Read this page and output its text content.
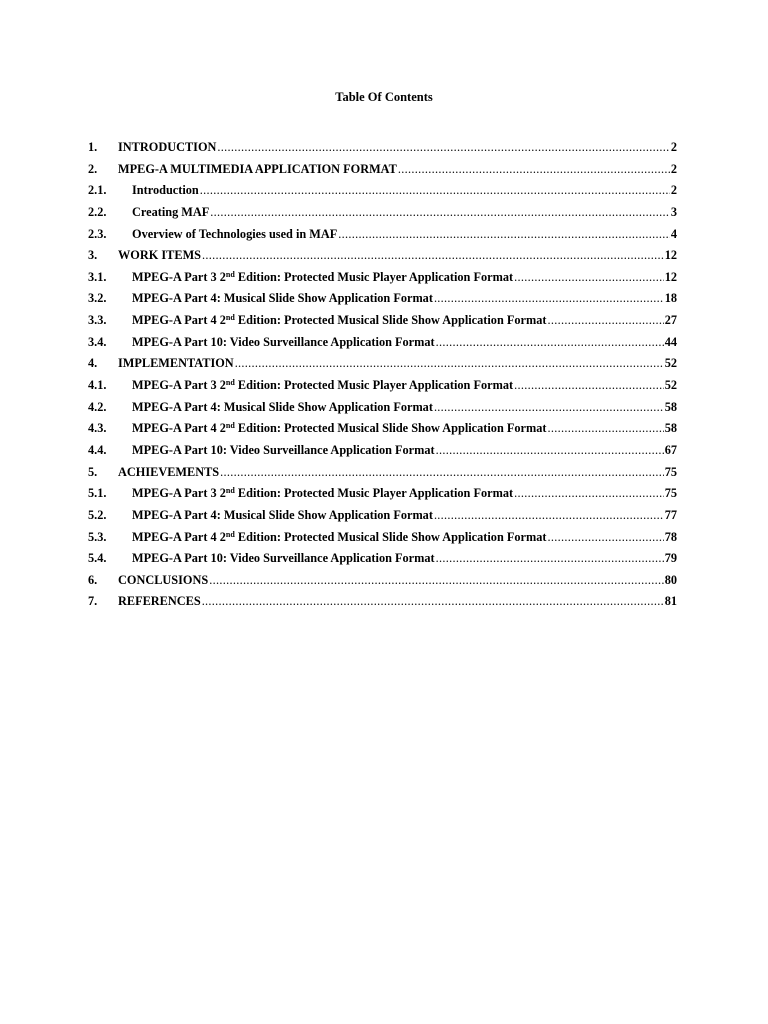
Table Of Contents
1.	INTRODUCTION .....	2
2.	MPEG-A MULTIMEDIA APPLICATION FORMAT .....	2
2.1.	Introduction .....	2
2.2.	Creating MAF .....	3
2.3.	Overview of Technologies used in MAF .....	4
3.	WORK ITEMS .....	12
3.1.	MPEG-A Part 3 2nd Edition: Protected Music Player Application Format .....	12
3.2.	MPEG-A Part 4: Musical Slide Show Application Format .....	18
3.3.	MPEG-A Part 4 2nd Edition: Protected Musical Slide Show Application Format .....	27
3.4.	MPEG-A Part 10: Video Surveillance Application Format .....	44
4.	IMPLEMENTATION .....	52
4.1.	MPEG-A Part 3 2nd Edition: Protected Music Player Application Format .....	52
4.2.	MPEG-A Part 4: Musical Slide Show Application Format .....	58
4.3.	MPEG-A Part 4 2nd Edition: Protected Musical Slide Show Application Format .....	58
4.4.	MPEG-A Part 10: Video Surveillance Application Format .....	67
5.	ACHIEVEMENTS .....	75
5.1.	MPEG-A Part 3 2nd Edition: Protected Music Player Application Format .....	75
5.2.	MPEG-A Part 4: Musical Slide Show Application Format .....	77
5.3.	MPEG-A Part 4 2nd Edition: Protected Musical Slide Show Application Format .....	78
5.4.	MPEG-A Part 10: Video Surveillance Application Format .....	79
6.	CONCLUSIONS .....	80
7.	REFERENCES .....	81
